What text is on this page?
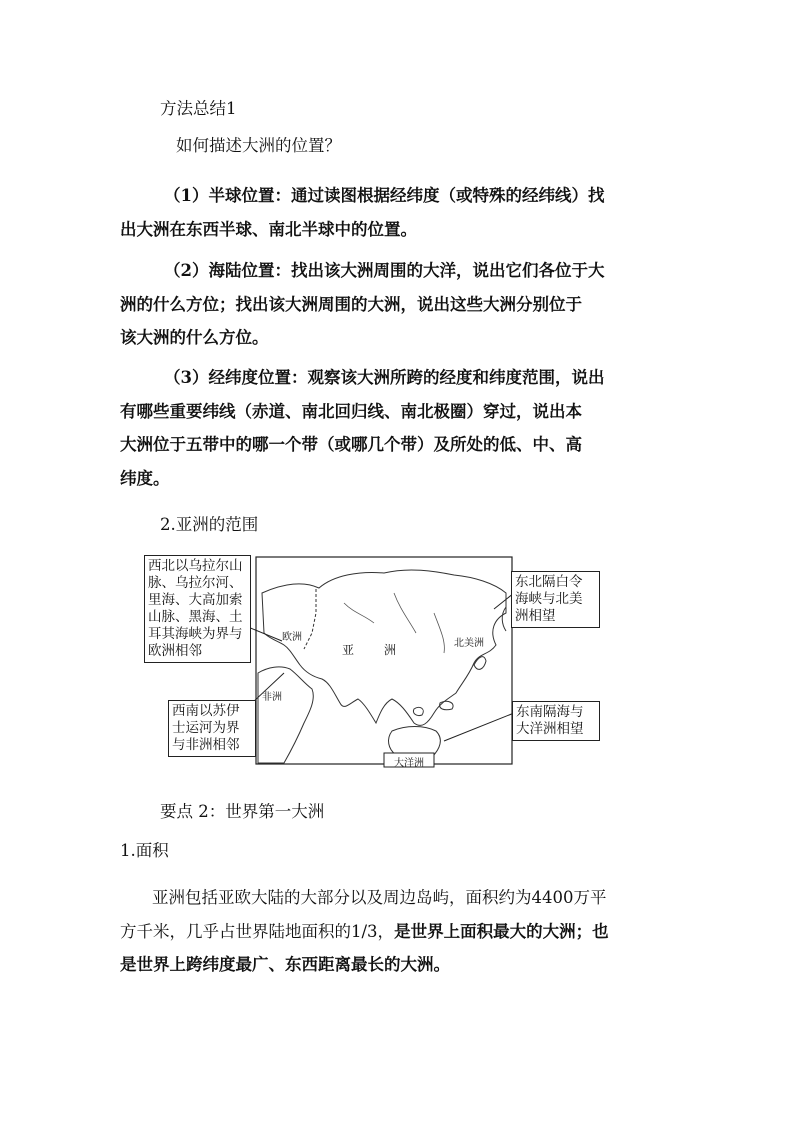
方法总结1
如何描述大洲的位置？
（1）半球位置：通过读图根据经纬度（或特殊的经纬线）找
出大洲在东西半球、南北半球中的位置。
（2）海陆位置：找出该大洲周围的大洋，说出它们各位于大
洲的什么方位；找出该大洲周围的大洲，说出这些大洲分别位于
该大洲的什么方位。
（3）经纬度位置：观察该大洲所跨的经度和纬度范围，说出
有哪些重要纬线（赤道、南北回归线、南北极圈）穿过，说出本
大洲位于五带中的哪一个带（或哪几个带）及所处的低、中、高
纬度。
2.亚洲的范围
西北以乌拉尔山
脉、乌拉尔河、
里海、大高加索
山脉、黑海、土
耳其海峡为界与
欧洲相邻
东北隔白令
海峡与北美
洲相望
西南以苏伊
士运河为界
与非洲相邻
东南隔海与
大洋洲相望
欧洲
亚 洲	北美洲
非洲
大洋洲
要点 2：世界第一大洲
1.面积
亚洲包括亚欧大陆的大部分以及周边岛屿，面积约为4400万平
方千米，几乎占世界陆地面积的1/3，是世界上面积最大的大洲；也
是世界上跨纬度最广、东西距离最长的大洲。
